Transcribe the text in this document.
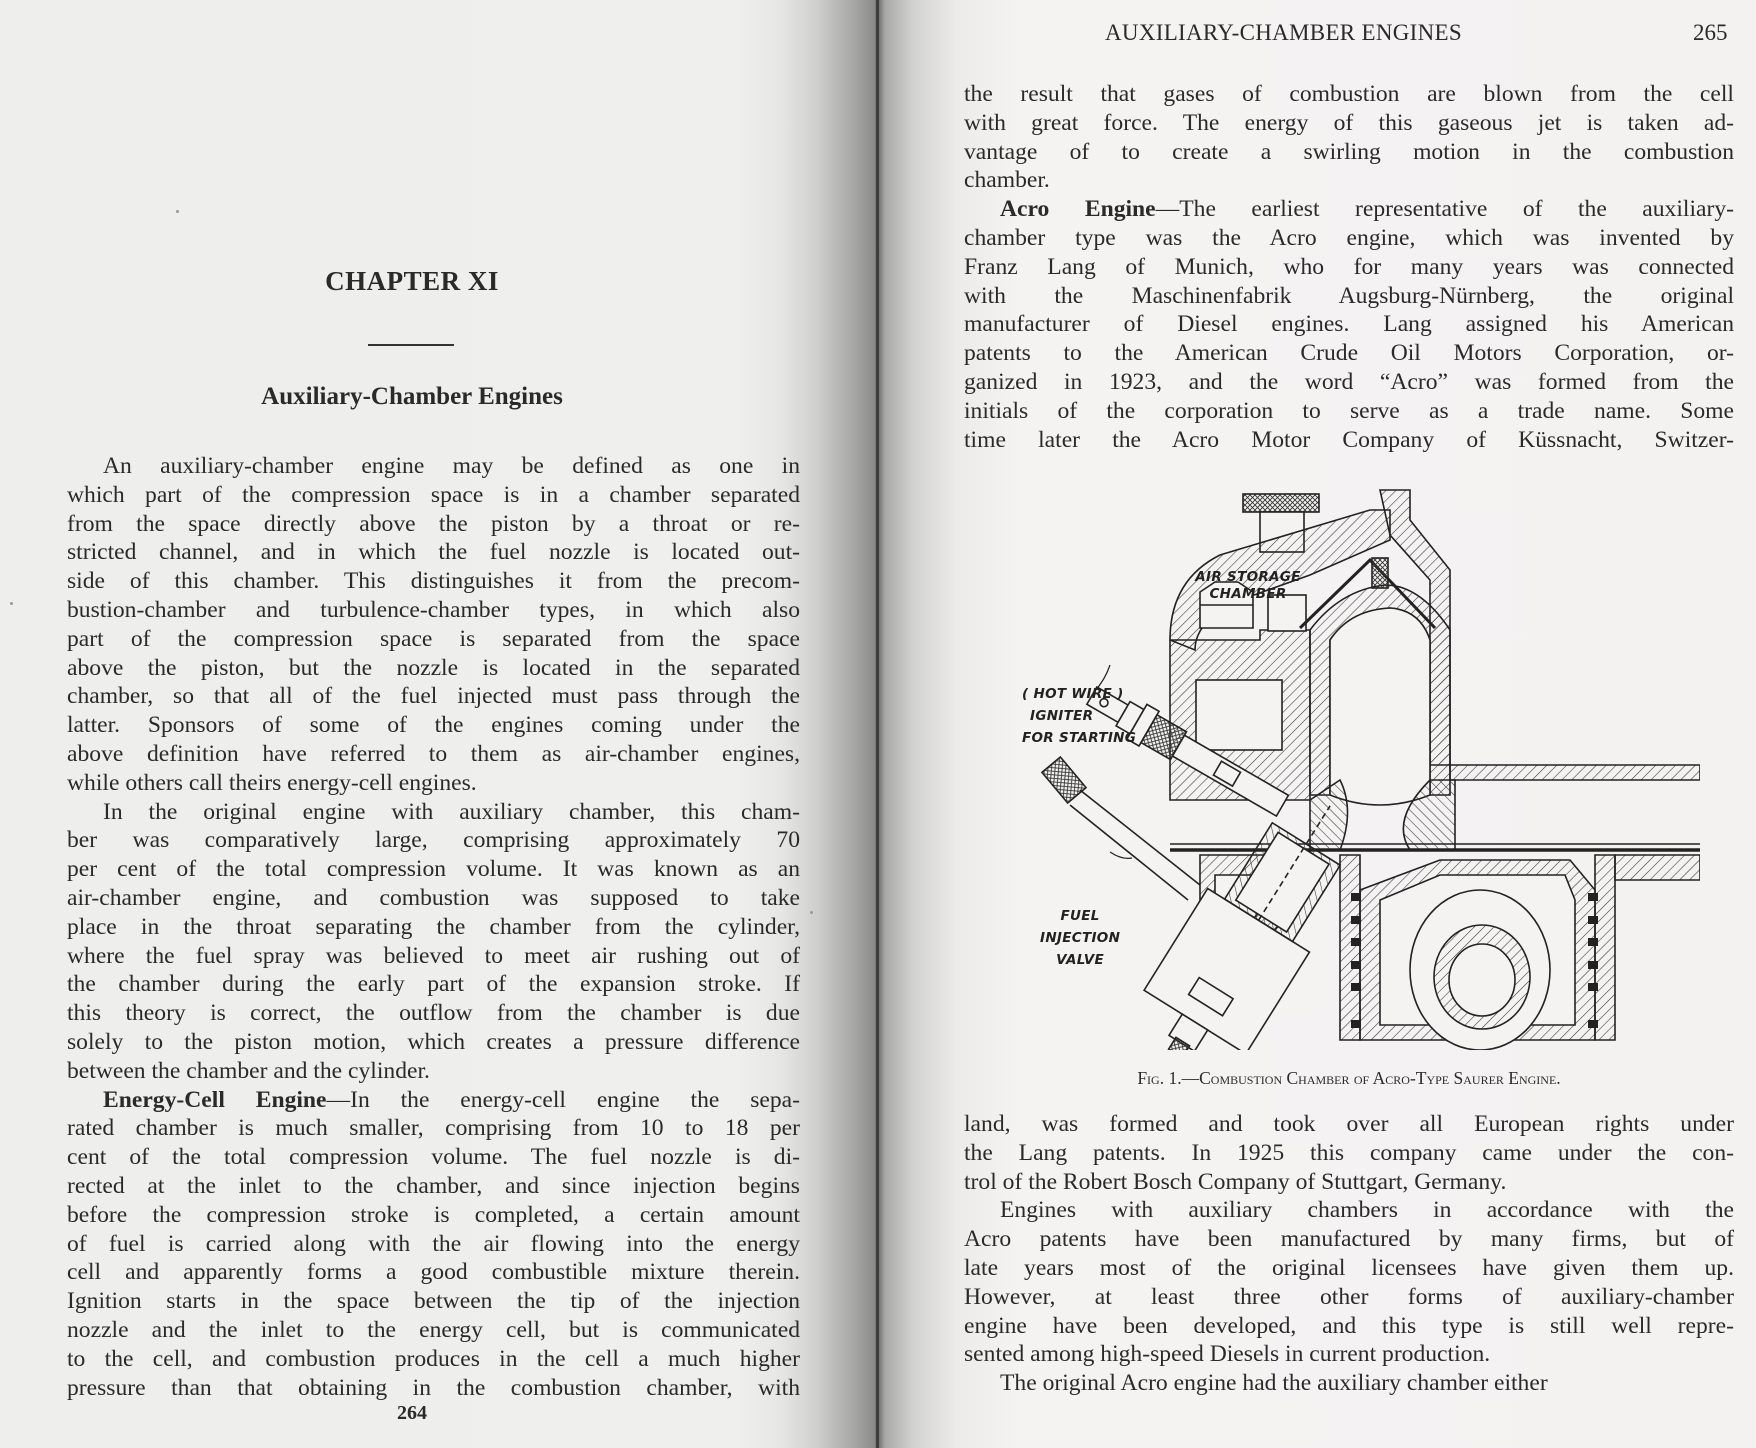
CHAPTER XI
Auxiliary-Chamber Engines
An auxiliary-chamber engine may be defined as one in
which part of the compression space is in a chamber separated
from the space directly above the piston by a throat or re-
stricted channel, and in which the fuel nozzle is located out-
side of this chamber. This distinguishes it from the precom-
bustion-chamber and turbulence-chamber types, in which also
part of the compression space is separated from the space
above the piston, but the nozzle is located in the separated
chamber, so that all of the fuel injected must pass through the
latter. Sponsors of some of the engines coming under the
above definition have referred to them as air-chamber engines,
while others call theirs energy-cell engines.
In the original engine with auxiliary chamber, this cham-
ber was comparatively large, comprising approximately 70
per cent of the total compression volume. It was known as an
air-chamber engine, and combustion was supposed to take
place in the throat separating the chamber from the cylinder,
where the fuel spray was believed to meet air rushing out of
the chamber during the early part of the expansion stroke. If
this theory is correct, the outflow from the chamber is due
solely to the piston motion, which creates a pressure difference
between the chamber and the cylinder.
Energy-Cell Engine—In the energy-cell engine the sepa-
rated chamber is much smaller, comprising from 10 to 18 per
cent of the total compression volume. The fuel nozzle is di-
rected at the inlet to the chamber, and since injection begins
before the compression stroke is completed, a certain amount
of fuel is carried along with the air flowing into the energy
cell and apparently forms a good combustible mixture therein.
Ignition starts in the space between the tip of the injection
nozzle and the inlet to the energy cell, but is communicated
to the cell, and combustion produces in the cell a much higher
pressure than that obtaining in the combustion chamber, with
264
AUXILIARY-CHAMBER ENGINES	265
the result that gases of combustion are blown from the cell
with great force. The energy of this gaseous jet is taken ad-
vantage of to create a swirling motion in the combustion
chamber.
Acro Engine—The earliest representative of the auxiliary-
chamber type was the Acro engine, which was invented by
Franz Lang of Munich, who for many years was connected
with the Maschinenfabrik Augsburg-Nürnberg, the original
manufacturer of Diesel engines. Lang assigned his American
patents to the American Crude Oil Motors Corporation, or-
ganized in 1923, and the word “Acro” was formed from the
initials of the corporation to serve as a trade name. Some
time later the Acro Motor Company of Küssnacht, Switzer-
AIR STORAGE
CHAMBER
( HOT WIRE )
IGNITER
FOR STARTING
FUEL
INJECTION
VALVE
Fig. 1.—Combustion Chamber of Acro-Type Saurer Engine.
land, was formed and took over all European rights under
the Lang patents. In 1925 this company came under the con-
trol of the Robert Bosch Company of Stuttgart, Germany.
Engines with auxiliary chambers in accordance with the
Acro patents have been manufactured by many firms, but of
late years most of the original licensees have given them up.
However, at least three other forms of auxiliary-chamber
engine have been developed, and this type is still well repre-
sented among high-speed Diesels in current production.
The original Acro engine had the auxiliary chamber either
